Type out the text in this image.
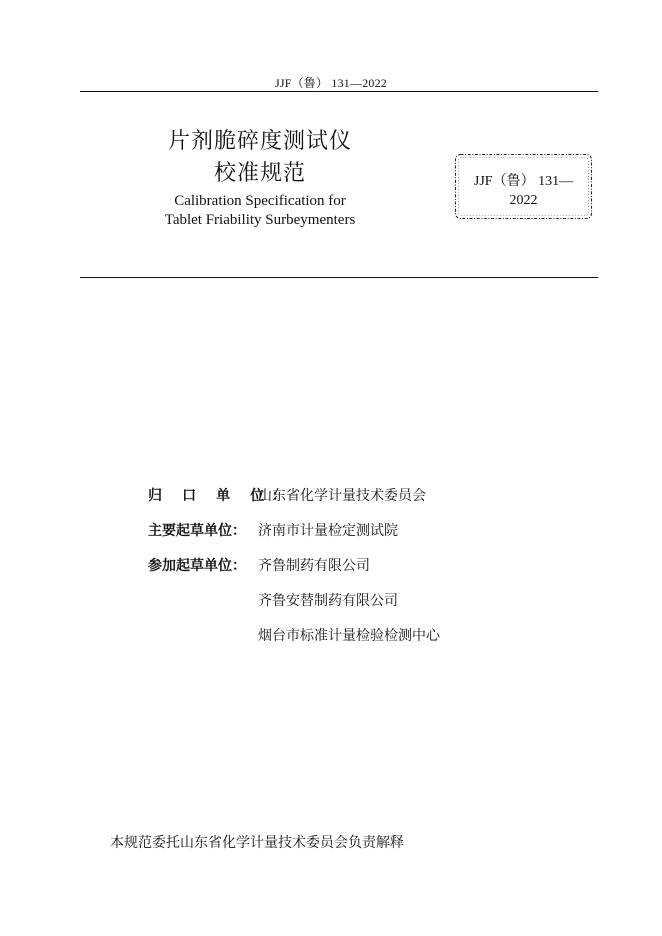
JJF（鲁） 131—2022
片剂脆碎度测试仪
校准规范
Calibration Specification for
Tablet Friability Surbeymenters
JJF（鲁） 131—
2022
归 口 单 位：
山东省化学计量技术委员会
主要起草单位： 济南市计量检定测试院
参加起草单位： 齐鲁制药有限公司
齐鲁安替制药有限公司
烟台市标准计量检验检测中心
本规范委托山东省化学计量技术委员会负责解释
